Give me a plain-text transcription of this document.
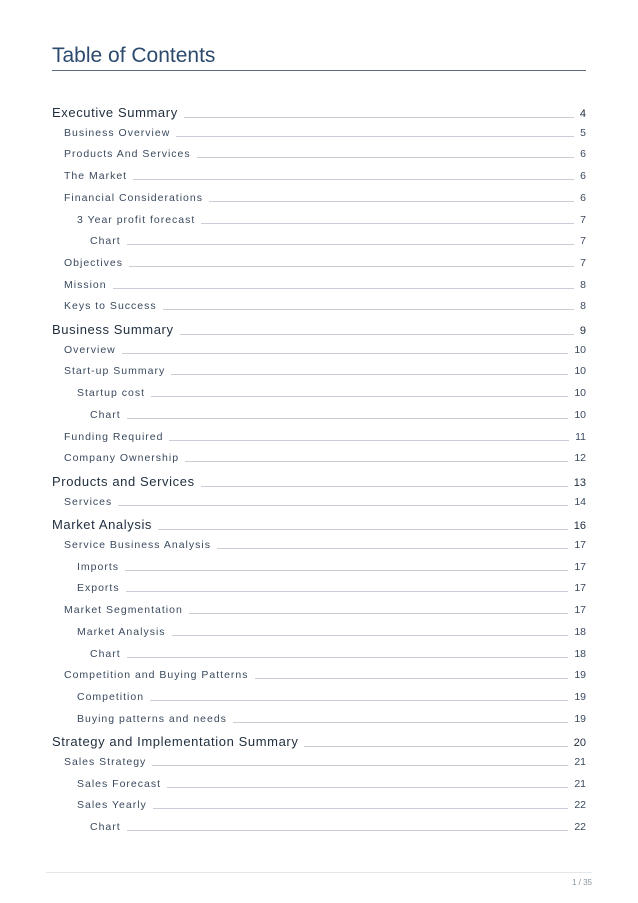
Table of Contents
Executive Summary	4
Business Overview	5
Products And Services	6
The Market	6
Financial Considerations	6
3 Year profit forecast	7
Chart	7
Objectives	7
Mission	8
Keys to Success	8
Business Summary	9
Overview	10
Start-up Summary	10
Startup cost	10
Chart	10
Funding Required	11
Company Ownership	12
Products and Services	13
Services	14
Market Analysis	16
Service Business Analysis	17
Imports	17
Exports	17
Market Segmentation	17
Market Analysis	18
Chart	18
Competition and Buying Patterns	19
Competition	19
Buying patterns and needs	19
Strategy and Implementation Summary	20
Sales Strategy	21
Sales Forecast	21
Sales Yearly	22
Chart	22
1 / 35
